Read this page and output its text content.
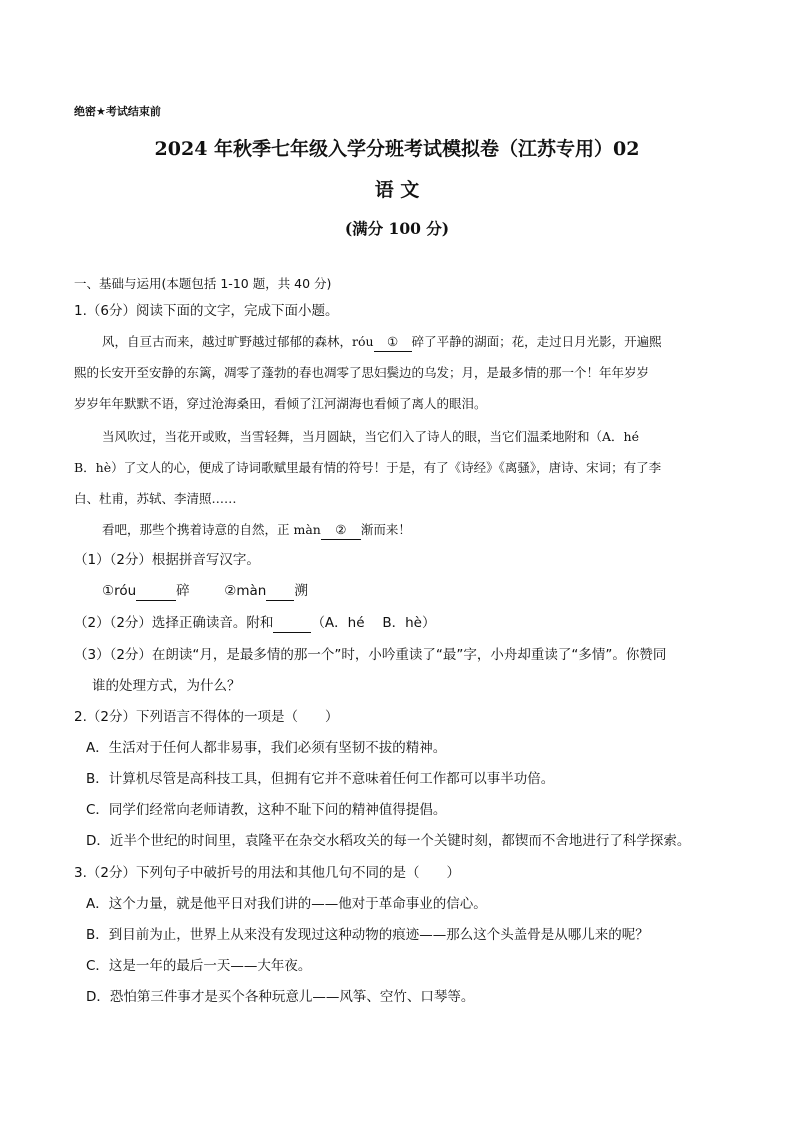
绝密★考试结束前
2024 年秋季七年级入学分班考试模拟卷（江苏专用）02
语 文
(满分 100 分)
一、基础与运用(本题包括 1-10 题，共 40 分)
1.（6分）阅读下面的文字，完成下面小题。
风，自亘古而来，越过旷野越过郁郁的森林，róu ① 碎了平静的湖面；花，走过日月光影，开遍熙
熙的长安开至安静的东篱，凋零了蓬勃的春也凋零了思妇鬓边的乌发；月，是最多情的那一个！年年岁岁
岁岁年年默默不语，穿过沧海桑田，看倾了江河湖海也看倾了离人的眼泪。
当风吹过，当花开或败，当雪轻舞，当月圆缺，当它们入了诗人的眼，当它们温柔地附和（A．hé
B．hè）了文人的心，便成了诗词歌赋里最有情的符号！于是，有了《诗经》《离骚》，唐诗、宋词；有了李
白、杜甫，苏轼、李清照……
看吧，那些个携着诗意的自然，正 màn ② 渐而来！
（1）（2分）根据拼音写汉字。
①róu	碎	②màn 溯
（2）（2分）选择正确读音。附和	（A．hé　 B．hè）
（3）（2分）在朗读“月，是最多情的那一个”时，小吟重读了“最”字，小舟却重读了“多情”。你赞同
谁的处理方式，为什么？
2.（2分）下列语言不得体的一项是（　　）
A．生活对于任何人都非易事，我们必须有坚韧不拔的精神。
B．计算机尽管是高科技工具，但拥有它并不意味着任何工作都可以事半功倍。
C．同学们经常向老师请教，这种不耻下问的精神值得提倡。
D．近半个世纪的时间里，袁隆平在杂交水稻攻关的每一个关键时刻，都锲而不舍地进行了科学探索。
3.（2分）下列句子中破折号的用法和其他几句不同的是（　　）
A．这个力量，就是他平日对我们讲的——他对于革命事业的信心。
B．到目前为止，世界上从来没有发现过这种动物的痕迹——那么这个头盖骨是从哪儿来的呢？
C．这是一年的最后一天——大年夜。
D．恐怕第三件事才是买个各种玩意儿——风筝、空竹、口琴等。
